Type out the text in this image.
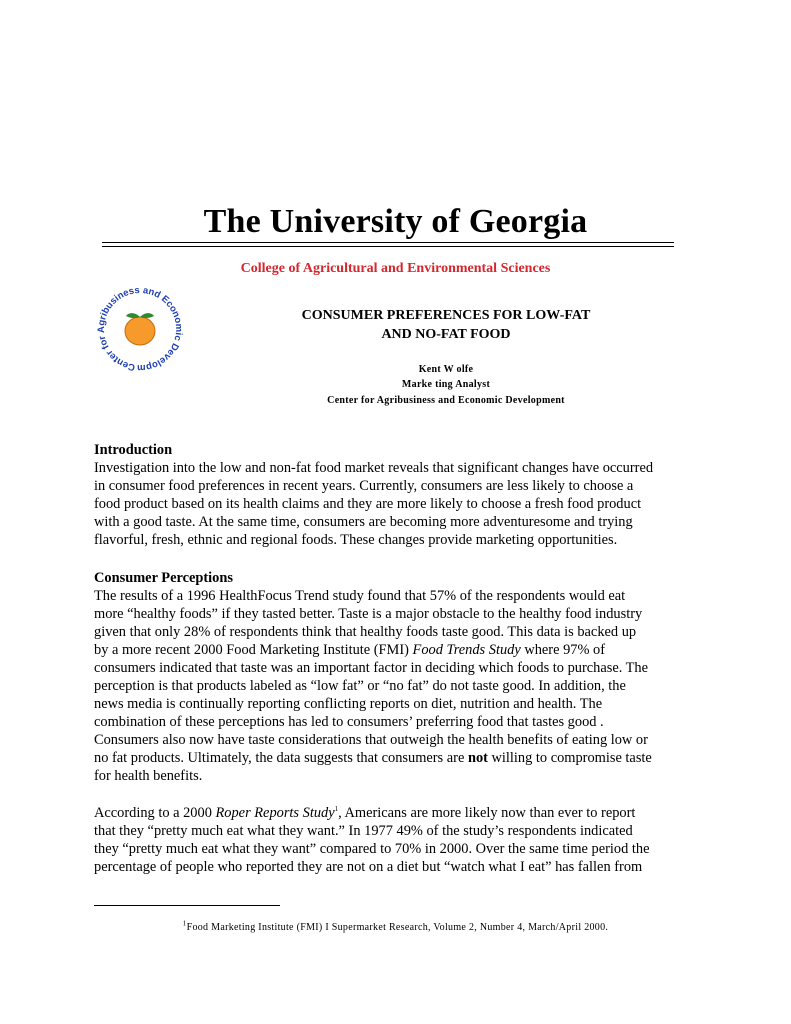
The University of Georgia
College of Agricultural and Environmental Sciences
Center for Agribusiness and Economic Developm
CONSUMER PREFERENCES FOR LOW-FAT
AND NO-FAT FOOD
Kent W olfe
Marke ting Analyst
Center for Agribusiness and Economic Development
Introduction

Investigation into the low and non-fat food market reveals that significant changes have occurred

in consumer food preferences in recent years. Currently, consumers are less likely to choose a

food product based on its health claims and they are more likely to choose a fresh food product

with a good taste. At the same time, consumers are becoming more adventuresome and trying

flavorful, fresh, ethnic and regional foods. These changes provide marketing opportunities.

Consumer Perceptions

The results of a 1996 HealthFocus Trend study found that 57% of the respondents would eat

more “healthy foods” if they tasted better. Taste is a major obstacle to the healthy food industry

given that only 28% of respondents think that healthy foods taste good. This data is backed up

by a more recent 2000 Food Marketing Institute (FMI) Food Trends Study where 97% of

consumers indicated that taste was an important factor in deciding which foods to purchase. The

perception is that products labeled as “low fat” or “no fat” do not taste good. In addition, the

news media is continually reporting conflicting reports on diet, nutrition and health. The

combination of these perceptions has led to consumers’ preferring food that tastes good .

Consumers also now have taste considerations that outweigh the health benefits of eating low or

no fat products. Ultimately, the data suggests that consumers are not willing to compromise taste

for health benefits.

According to a 2000 Roper Reports Study$^1$, Americans are more likely now than ever to report

that they “pretty much eat what they want.” In 1977 49% of the study’s respondents indicated

they “pretty much eat what they want” compared to 70% in 2000. Over the same time period the

percentage of people who reported they are not on a diet but “watch what I eat” has fallen from

$^1$Food Marketing Institute (FMI) I Supermarket Research, Volume 2, Number 4, March/April 2000.
